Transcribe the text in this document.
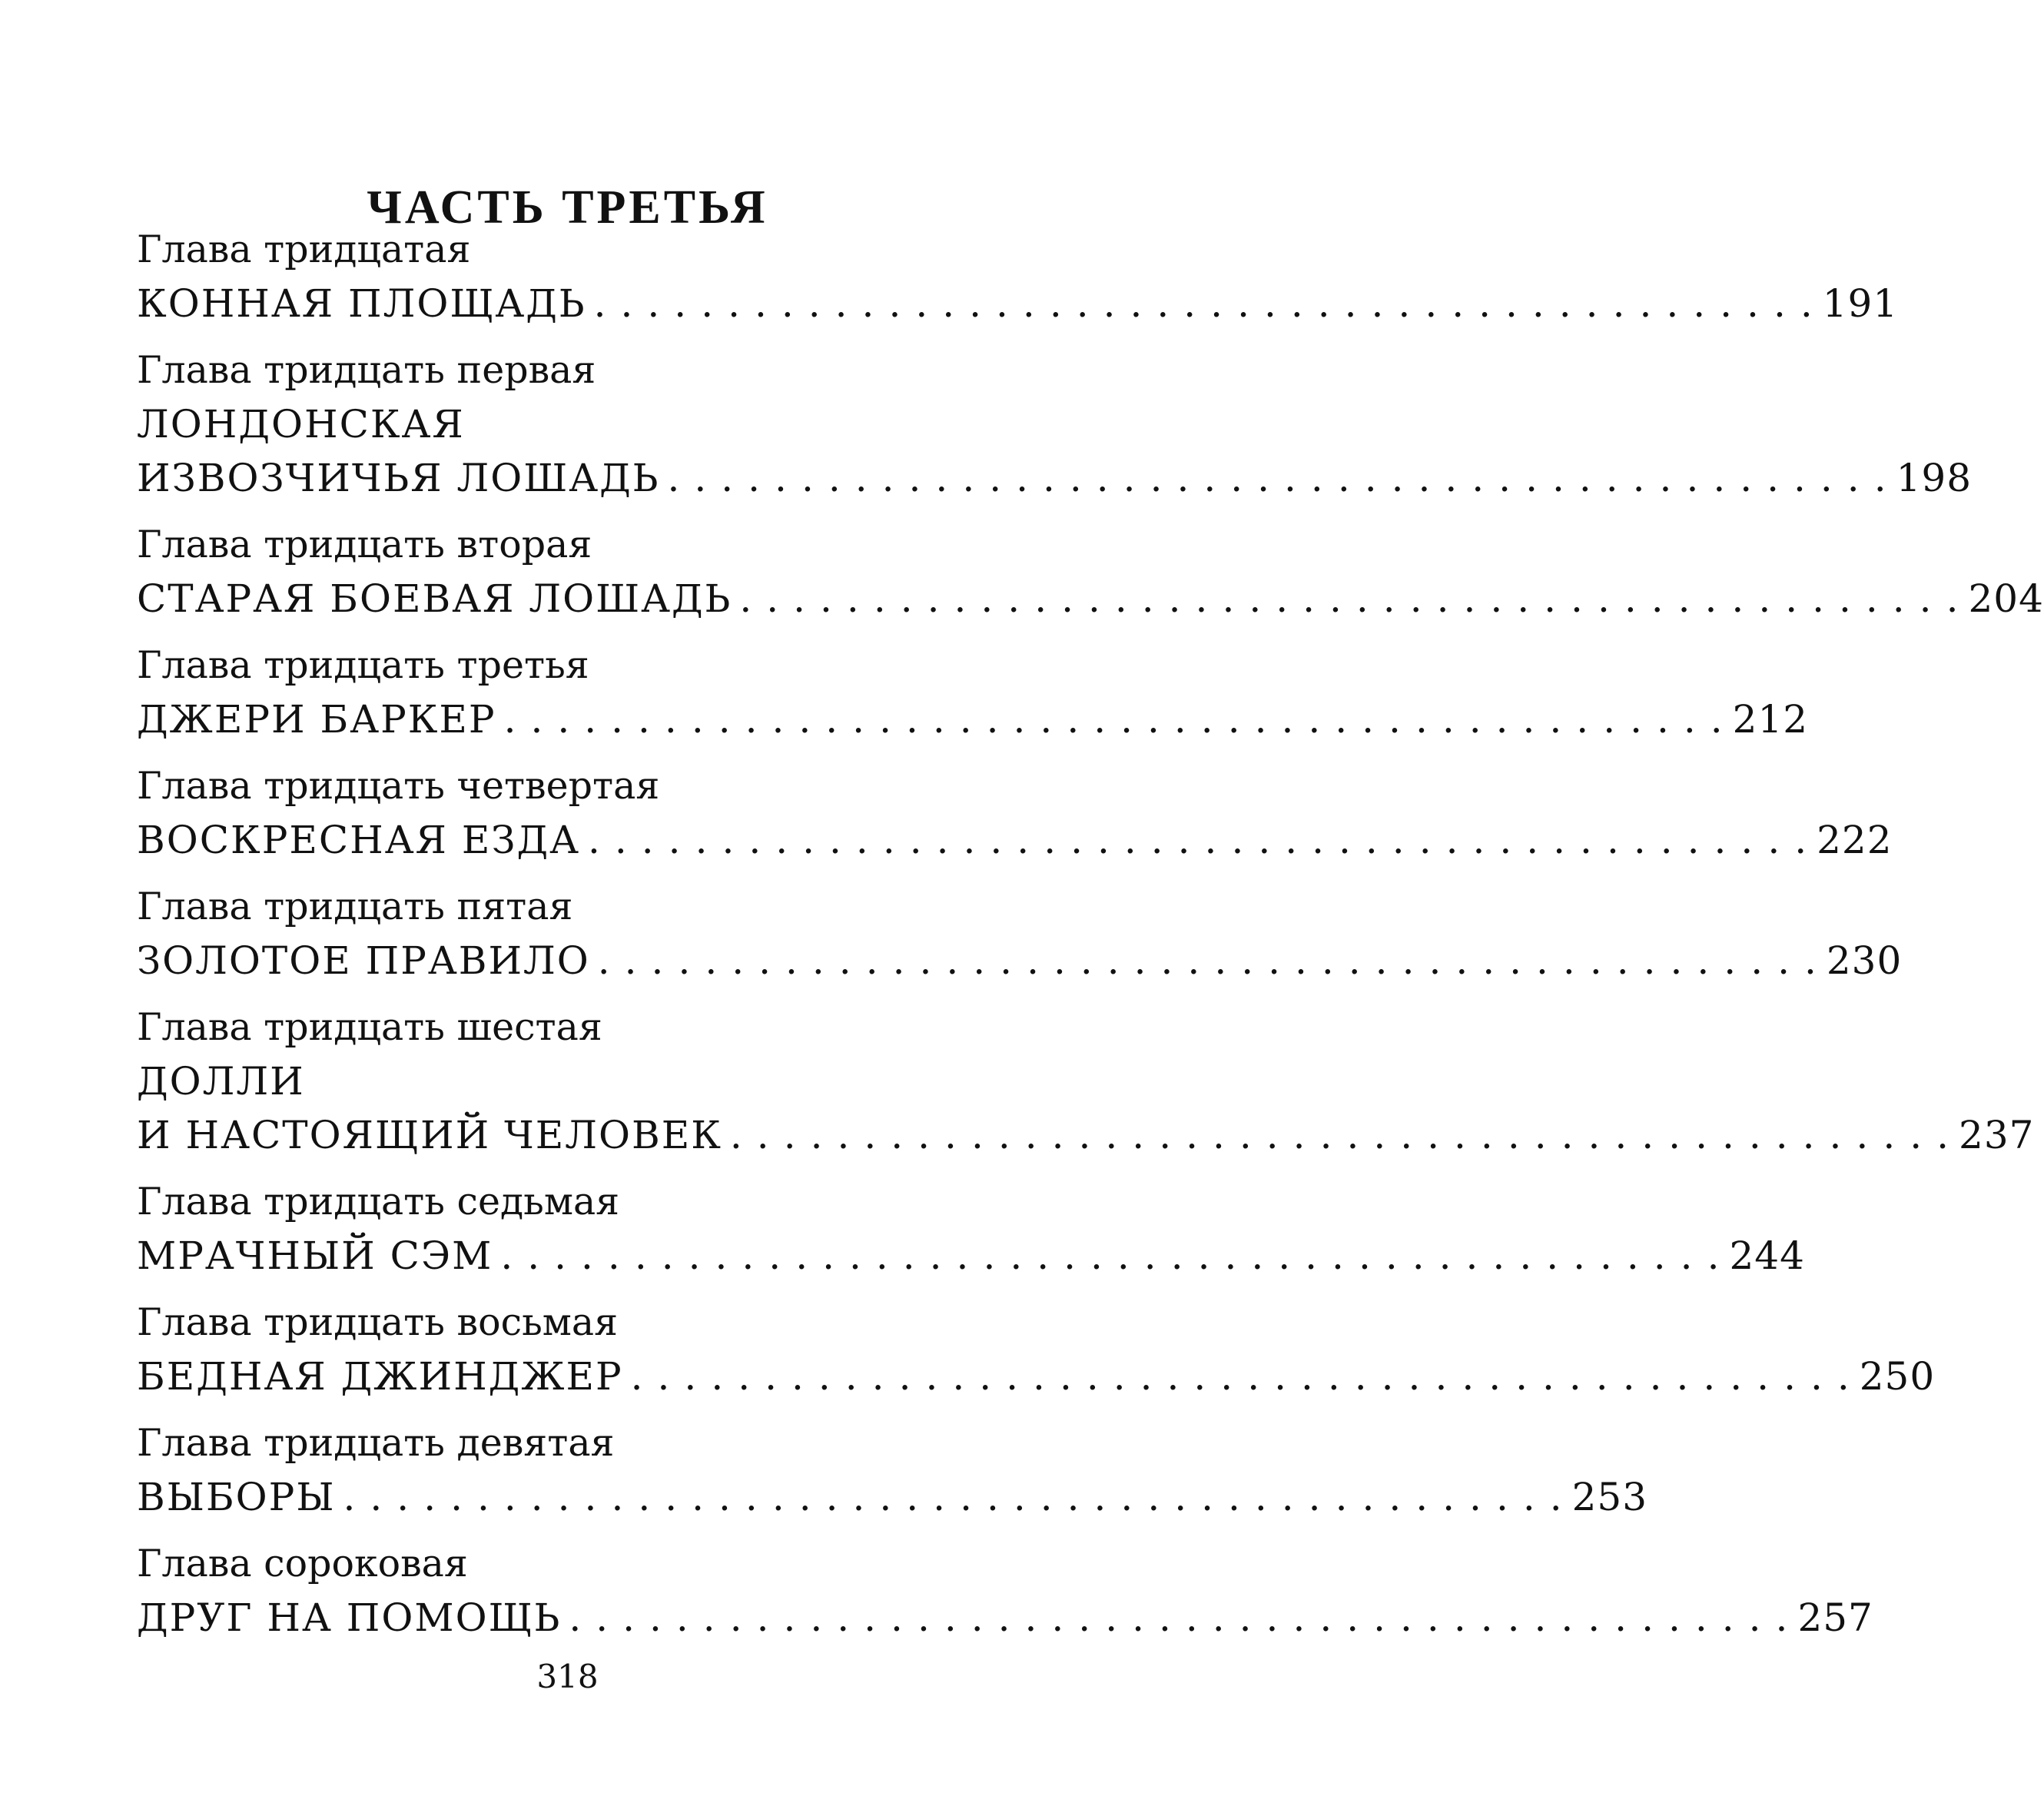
ЧАСТЬ ТРЕТЬЯ
Глава тридцатая
КОННАЯ ПЛОЩАДЬ ..............................................
191
Глава тридцать первая
ЛОНДОНСКАЯ
ИЗВОЗЧИЧЬЯ ЛОШАДЬ ..............................................
198
Глава тридцать вторая
СТАРАЯ БОЕВАЯ ЛОШАДЬ ..............................................
204
Глава тридцать третья
ДЖЕРИ БАРКЕР ..............................................
212
Глава тридцать четвертая
ВОСКРЕСНАЯ ЕЗДА ..............................................
222
Глава тридцать пятая
ЗОЛОТОЕ ПРАВИЛО ..............................................
230
Глава тридцать шестая
ДОЛЛИ
И НАСТОЯЩИЙ ЧЕЛОВЕК ..............................................
237
Глава тридцать седьмая
МРАЧНЫЙ СЭМ ..............................................
244
Глава тридцать восьмая
БЕДНАЯ ДЖИНДЖЕР ..............................................
250
Глава тридцать девятая
ВЫБОРЫ ..............................................
253
Глава сороковая
ДРУГ НА ПОМОЩЬ ..............................................
257
318
